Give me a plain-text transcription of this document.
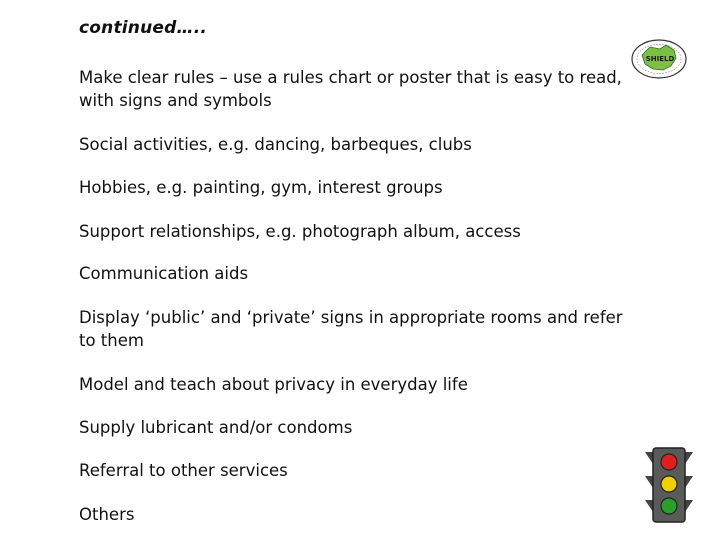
continued…..
Make clear rules – use a rules chart or poster that is easy to read, with signs and symbols
Social activities, e.g. dancing, barbeques, clubs
Hobbies, e.g. painting, gym, interest groups
Support relationships, e.g. photograph album, access
Communication aids
Display ‘public’ and ‘private’ signs in appropriate rooms and refer to them
Model and teach about privacy in everyday life
Supply lubricant and/or condoms
Referral to other services
Others
SHIELD
